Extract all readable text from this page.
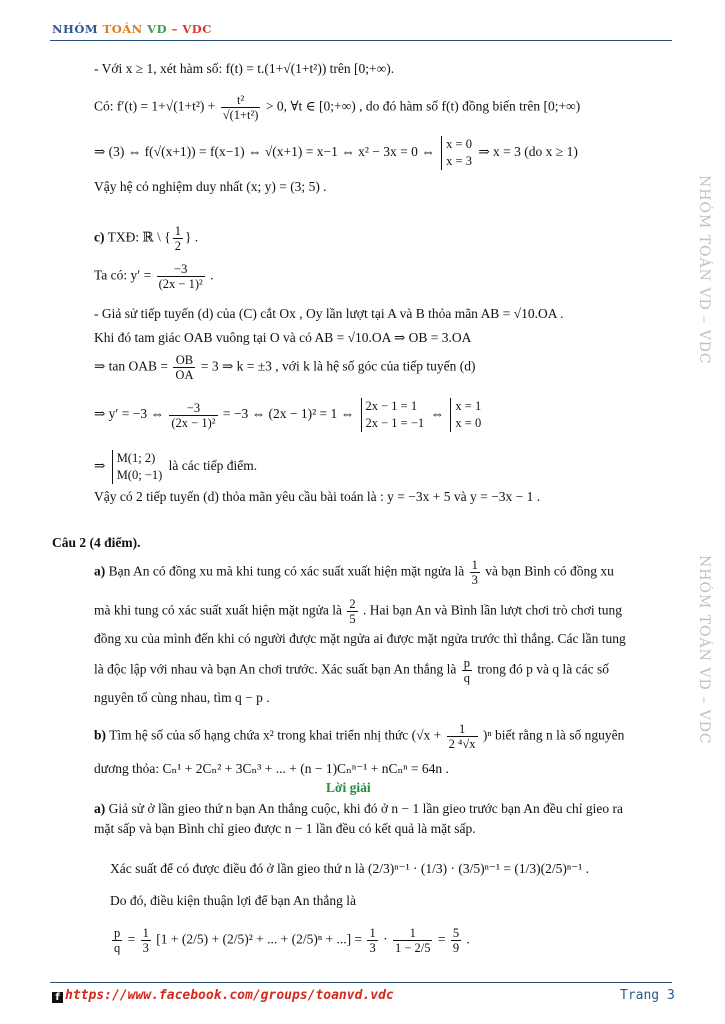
NHÓM TOÁN VD – VDC
NHÓM TOÁN VD – VDC
NHÓM TOÁN VD – VDC
- Với x ≥ 1, xét hàm số: f(t) = t.(1+√(1+t²)) trên [0;+∞).
Có: $f'(t) = 1+√(1+t^2) + \frac{\text{t²}}{\text{√(1+t²)}} > 0$, ∀t ∈ [0;+∞) , do đó hàm số f(t) đồng biến trên [0;+∞)
⇒ (3) ⇔ f(√(x+1)) = f(x−1) ⇔ √(x+1) = x−1 ⇔ x² − 3x = 0 ⇔ x = 0
x = 3 ⇒ x = 3 (do x ≥ 1)
Vậy hệ có nghiệm duy nhất (x; y) = (3; 5) .
c) TXĐ: ℝ \ { $\frac{1}{2}$ } .
Ta có: $y' = \frac{-3}{\text{(2x − 1)²}}$ .
- Giả sử tiếp tuyến (d) của (C) cắt Ox , Oy lần lượt tại A và B thỏa mãn AB = √10.OA .
Khi đó tam giác OAB vuông tại O và có AB = √10.OA ⇒ OB = 3.OA
⇒ tan OAB = $\frac{OB}{OA} = 3$ ⇒ k = ±3 , với k là hệ số góc của tiếp tuyến (d)
⇒ y′ = −3 ⇔ $\frac{-3}{\text{(2x − 1)²}} = -3$ ⇔ (2x − 1)² = 1 ⇔ 2x − 1 = 1
2x − 1 = −1 ⇔ x = 1
x = 0
⇒ M(1; 2)
M(0; −1) là các tiếp điểm.
Vậy có 2 tiếp tuyến (d) thỏa mãn yêu cầu bài toán là : y = −3x + 5 và y = −3x − 1 .
Câu 2 (4 điểm).
a) Bạn An có đồng xu mà khi tung có xác suất xuất hiện mặt ngửa là $\frac{1}{3}$ và bạn Bình có đồng xu
mà khi tung có xác suất xuất hiện mặt ngửa là $\frac{2}{5}$ . Hai bạn An và Bình lần lượt chơi trò chơi tung
đồng xu của mình đến khi có người được mặt ngửa ai được mặt ngửa trước thì thắng. Các lần tung
là độc lập với nhau và bạn An chơi trước. Xác suất bạn An thắng là $\frac{p}{q}$ trong đó p và q là các số
nguyên tố cùng nhau, tìm q − p .
b) Tìm hệ số của số hạng chứa x² trong khai triển nhị thức $(√x + \frac{1}{\text{2 ⁴√x}} )^n$ biết rằng n là số nguyên
dương thỏa: Cₙ¹ + 2Cₙ² + 3Cₙ³ + ... + (n − 1)Cₙⁿ⁻¹ + nCₙⁿ = 64n .
Lời giải
a) Giả sử ở lần gieo thứ n bạn An thắng cuộc, khi đó ở n − 1 lần gieo trước bạn An đều chỉ gieo ra
mặt sấp và bạn Bình chỉ gieo được n − 1 lần đều có kết quả là mặt sấp.
Xác suất để có được điều đó ở lần gieo thứ n là (2/3)ⁿ⁻¹ · (1/3) · (3/5)ⁿ⁻¹ = (1/3)(2/5)ⁿ⁻¹ .
Do đó, điều kiện thuận lợi để bạn An thắng là
$\frac{p}{q} = \frac{1}{3} [1 + (2/5) + (2/5)^2$ + ... + (2/5)ⁿ + ...] = $\frac{1}{3} \cdot \frac{1}{1 - 2/5} = \frac{5}{9}$ .
f https://www.facebook.com/groups/toanvd.vdc	Trang 3
